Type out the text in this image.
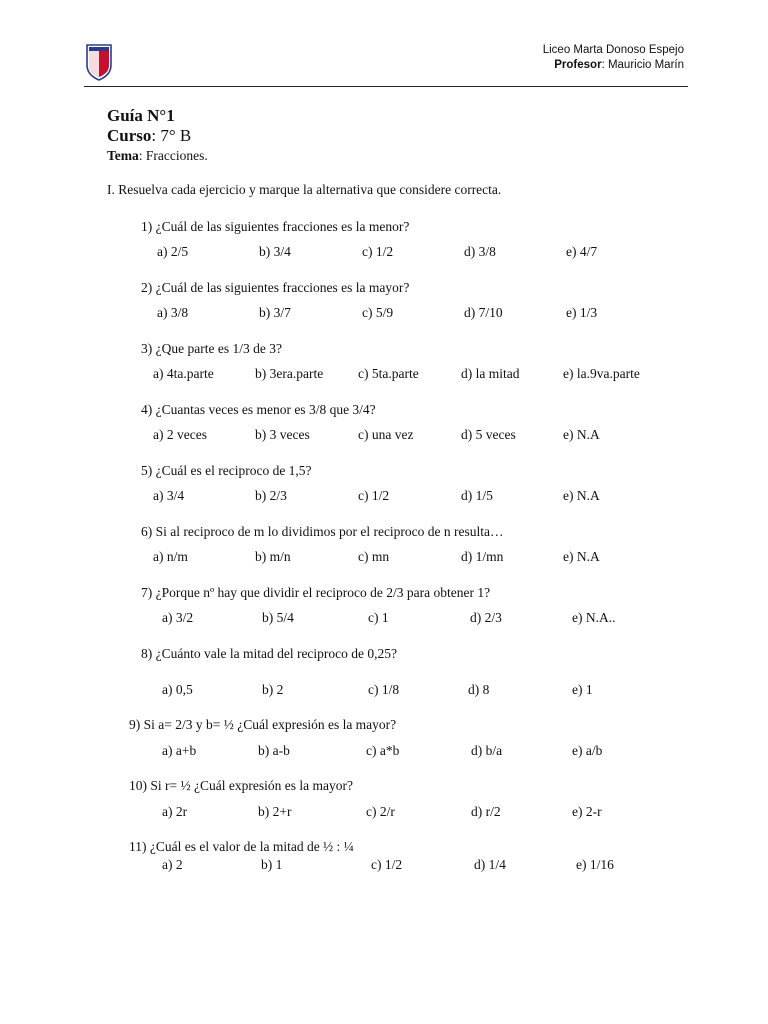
Liceo Marta Donoso Espejo
Profesor: Mauricio Marín
Guía N°1
Curso: 7° B
Tema: Fracciones.
I. Resuelva cada ejercicio y marque la alternativa que considere correcta.
1) ¿Cuál de las siguientes fracciones es la menor?
a) 2/5	b) 3/4	c) 1/2	d) 3/8	e) 4/7
2) ¿Cuál de las siguientes fracciones es la mayor?
a) 3/8	b) 3/7	c) 5/9	d) 7/10	e) 1/3
3) ¿Que parte es 1/3 de 3?
a) 4ta.parte	b) 3era.parte	c) 5ta.parte	d) la mitad	e) la.9va.parte
4) ¿Cuantas veces es menor es 3/8 que 3/4?
a) 2 veces	b) 3 veces	c) una vez	d) 5 veces	e) N.A
5) ¿Cuál es el reciproco de 1,5?
a) 3/4	b) 2/3	c) 1/2	d) 1/5	e) N.A
6) Si al reciproco de m lo dividimos por el reciproco de n resulta…
a) n/m	b) m/n	c) mn	d) 1/mn	e) N.A
7) ¿Porque nº hay que dividir el reciproco de 2/3 para obtener 1?
a) 3/2	b) 5/4	c) 1	d) 2/3	e) N.A..
8) ¿Cuánto vale la mitad del reciproco de 0,25?
a) 0,5	b) 2	c) 1/8	d) 8	e) 1
9) Si a= 2/3 y b= ½ ¿Cuál expresión es la mayor?
a) a+b	b) a-b	c) a*b	d) b/a	e) a/b
10) Si r= ½ ¿Cuál expresión es la mayor?
a) 2r	b) 2+r	c) 2/r	d) r/2	e) 2-r
11) ¿Cuál es el valor de la mitad de ½ : ¼
a) 2	b) 1	c) 1/2	d) 1/4	e) 1/16
